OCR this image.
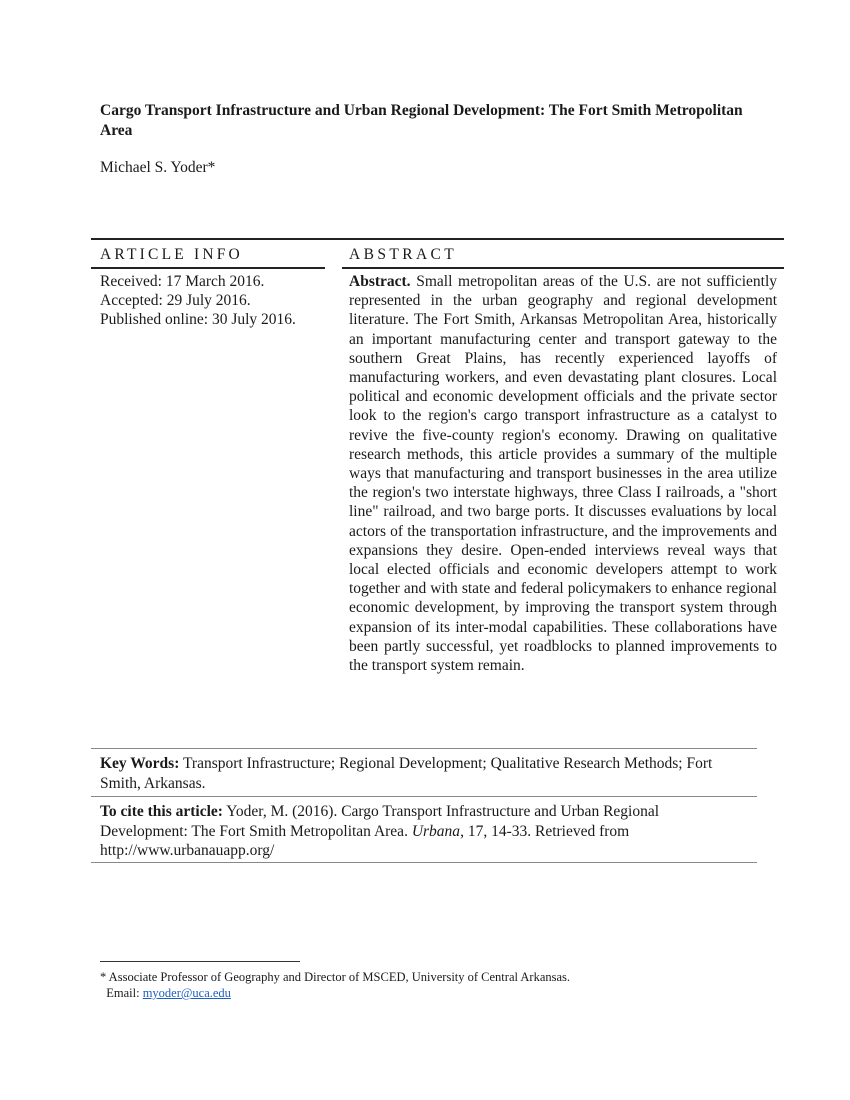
Cargo Transport Infrastructure and Urban Regional Development: The Fort Smith Metropolitan Area
Michael S. Yoder*
ARTICLE INFO	ABSTRACT
Received: 17 March 2016.
Accepted: 29 July 2016.
Published online: 30 July 2016.
Abstract. Small metropolitan areas of the U.S. are not sufficiently represented in the urban geography and regional development literature. The Fort Smith, Arkansas Metropolitan Area, historically an important manufacturing center and transport gateway to the southern Great Plains, has recently experienced layoffs of manufacturing workers, and even devastating plant closures. Local political and economic development officials and the private sector look to the region's cargo transport infrastructure as a catalyst to revive the five-county region's economy. Drawing on qualitative research methods, this article provides a summary of the multiple ways that manufacturing and transport businesses in the area utilize the region's two interstate highways, three Class I railroads, a "short line" railroad, and two barge ports. It discusses evaluations by local actors of the transportation infrastructure, and the improvements and expansions they desire. Open-ended interviews reveal ways that local elected officials and economic developers attempt to work together and with state and federal policymakers to enhance regional economic development, by improving the transport system through expansion of its inter-modal capabilities. These collaborations have been partly successful, yet roadblocks to planned improvements to the transport system remain.
Key Words: Transport Infrastructure; Regional Development; Qualitative Research Methods; Fort Smith, Arkansas.
To cite this article: Yoder, M. (2016). Cargo Transport Infrastructure and Urban Regional Development: The Fort Smith Metropolitan Area. Urbana, 17, 14-33. Retrieved from http://www.urbanauapp.org/
* Associate Professor of Geography and Director of MSCED, University of Central Arkansas.
Email: myoder@uca.edu
